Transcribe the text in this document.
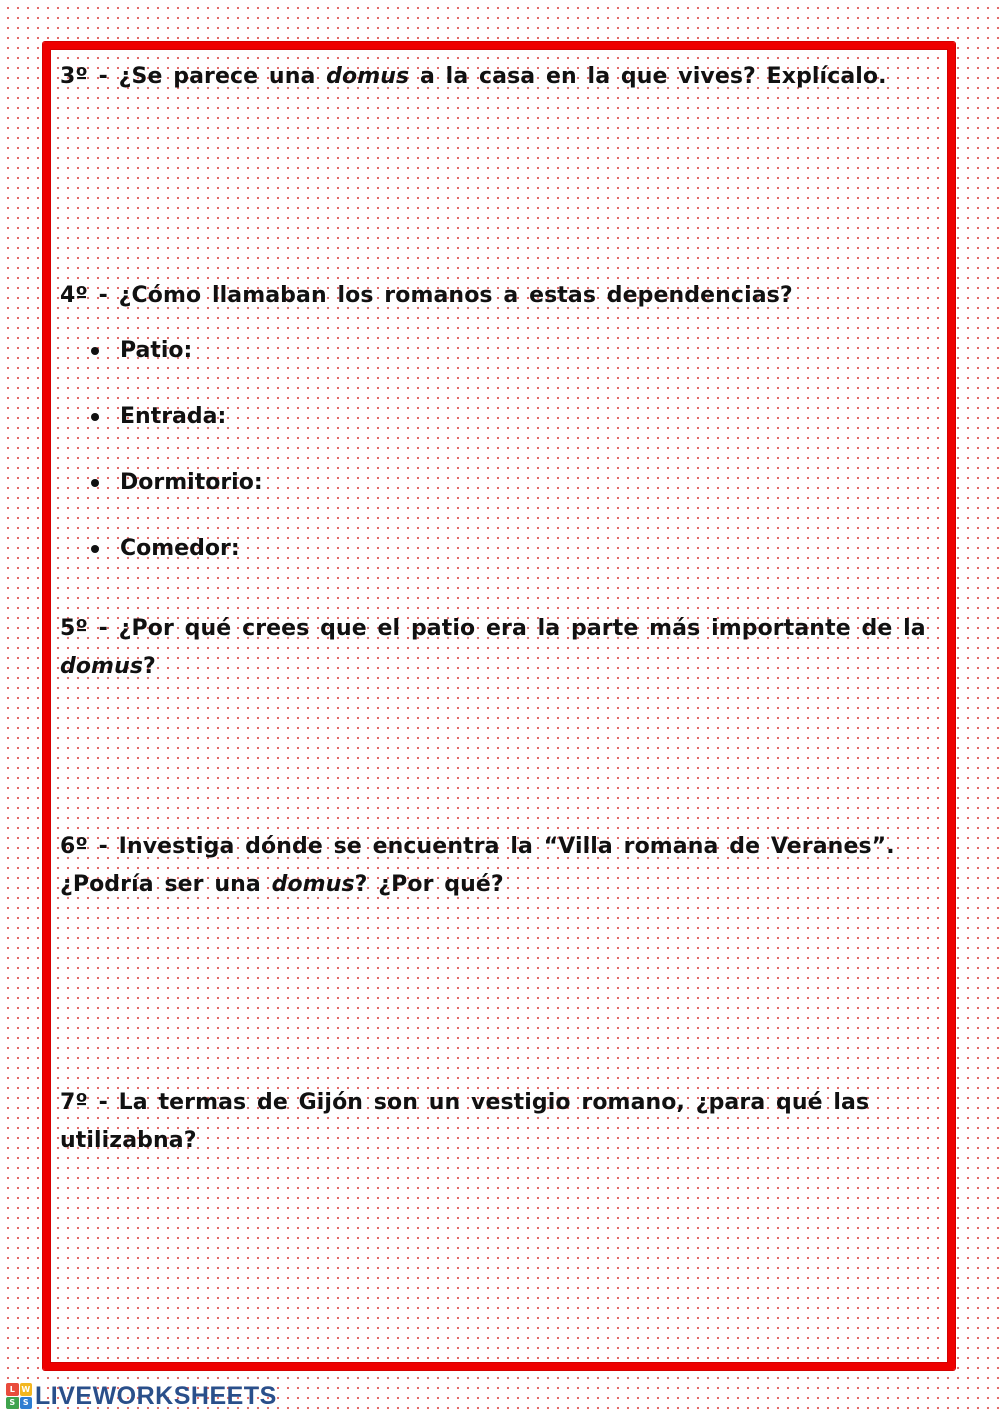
3º - ¿Se parece una domus a la casa en la que vives? Explícalo.

4º - ¿Cómo llamaban los romanos a estas dependencias?

Patio:
Entrada:
Dormitorio:
Comedor:

5º - ¿Por qué crees que el patio era la parte más importante de la domus?

6º - Investiga dónde se encuentra la “Villa romana de Veranes”. ¿Podría ser una domus? ¿Por qué?

7º - La termas de Gijón son un vestigio romano, ¿para qué las utilizabna?

L W
S S LIVEWORKSHEETS
